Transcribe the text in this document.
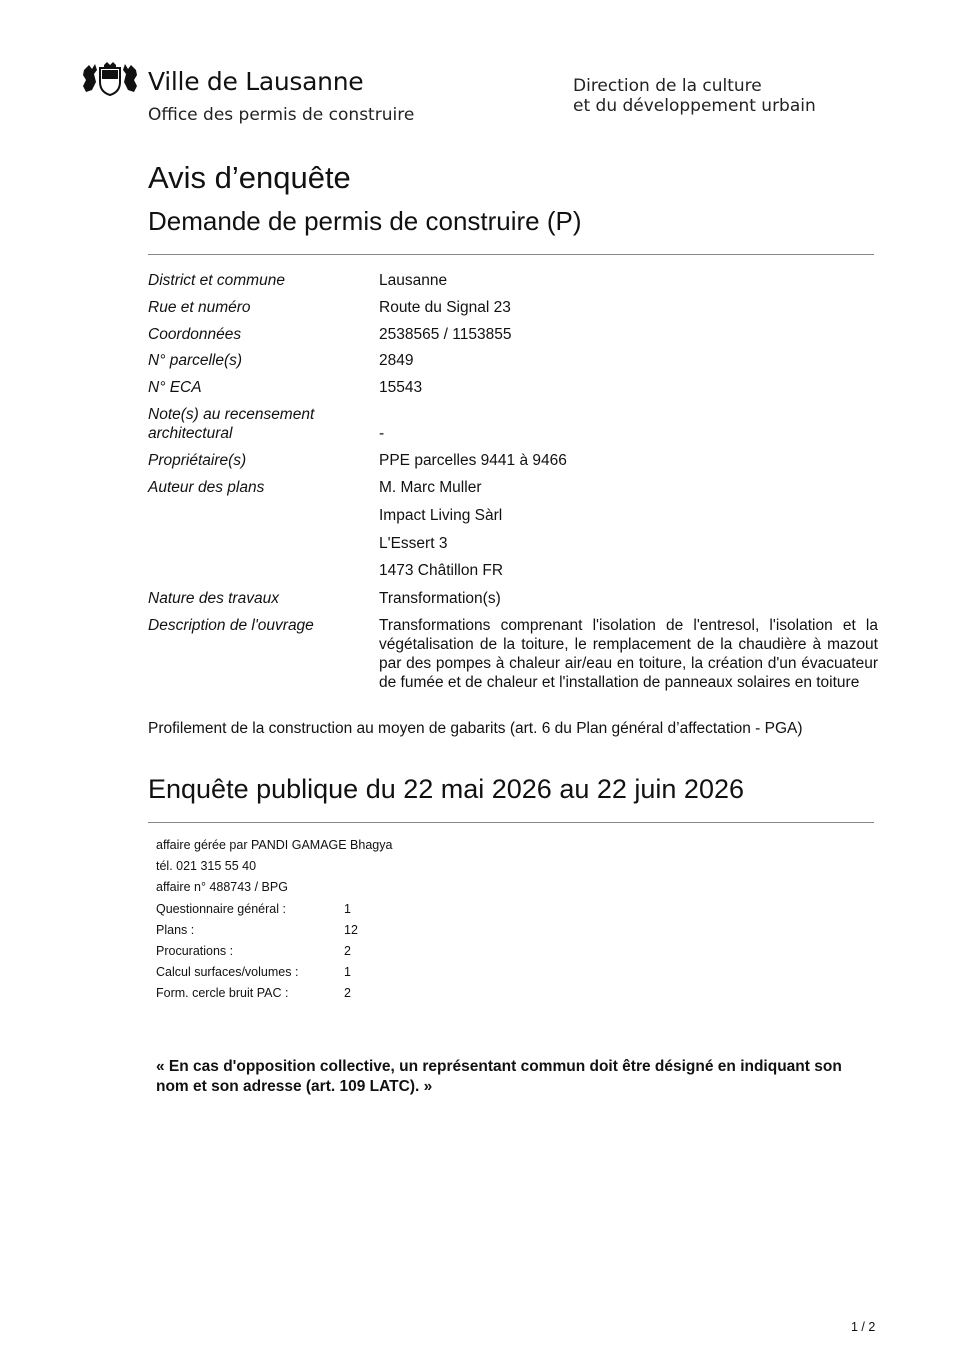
Ville de Lausanne
Office des permis de construire
Direction de la culture
et du développement urbain
Avis d’enquête
Demande de permis de construire (P)
District et commune	Lausanne
Rue et numéro	Route du Signal 23
Coordonnées	2538565 / 1153855
N° parcelle(s)	2849
N° ECA	15543
Note(s) au recensement
architectural	-
Propriétaire(s)	PPE parcelles 9441 à 9466
Auteur des plans	M. Marc Muller
Impact Living Sàrl
L'Essert 3
1473 Châtillon FR
Nature des travaux	Transformation(s)
Description de l'ouvrage	Transformations comprenant l'isolation de l'entresol, l'isolation et la végétalisation de la toiture, le remplacement de la chaudière à mazout par des pompes à chaleur air/eau en toiture, la création d'un évacuateur de fumée et de chaleur et l'installation de panneaux solaires en toiture
Profilement de la construction au moyen de gabarits (art. 6 du Plan général d’affectation - PGA)
Enquête publique du 22 mai 2026 au 22 juin 2026
affaire gérée par PANDI GAMAGE Bhagya
tél. 021 315 55 40
affaire n° 488743 / BPG
Questionnaire général :	1
Plans :	12
Procurations :	2
Calcul surfaces/volumes :	1
Form. cercle bruit PAC :	2
« En cas d'opposition collective, un représentant commun doit être désigné en indiquant son nom et son adresse (art. 109 LATC). »
1 / 2
